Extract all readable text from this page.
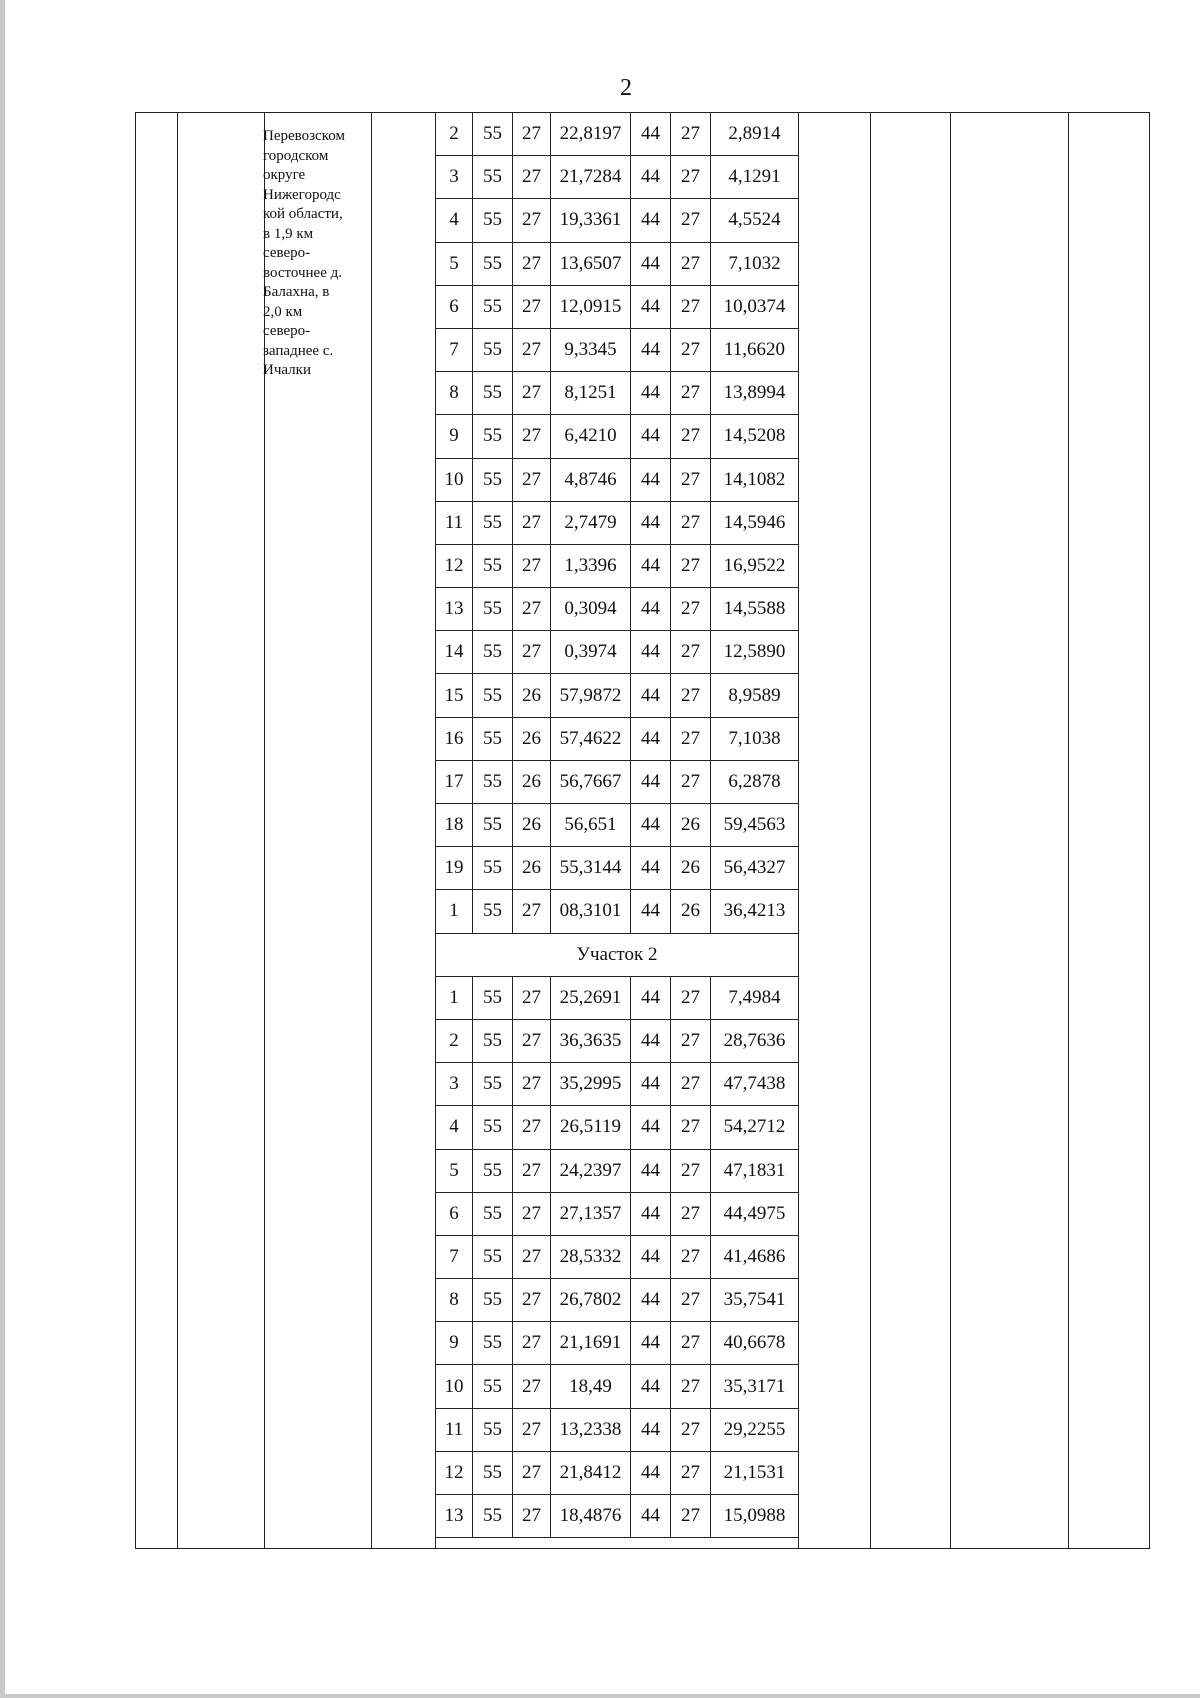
2
Перевозском
городском
округе
Нижегородс
кой области,
в 1,9 км
северо-
восточнее д.
Балахна, в
2,0 км
северо-
западнее с.
Ичалки
2	55	27	22,8197	44	27	2,8914
3	55	27	21,7284	44	27	4,1291
4	55	27	19,3361	44	27	4,5524
5	55	27	13,6507	44	27	7,1032
6	55	27	12,0915	44	27	10,0374
7	55	27	9,3345	44	27	11,6620
8	55	27	8,1251	44	27	13,8994
9	55	27	6,4210	44	27	14,5208
10	55	27	4,8746	44	27	14,1082
11	55	27	2,7479	44	27	14,5946
12	55	27	1,3396	44	27	16,9522
13	55	27	0,3094	44	27	14,5588
14	55	27	0,3974	44	27	12,5890
15	55	26	57,9872	44	27	8,9589
16	55	26	57,4622	44	27	7,1038
17	55	26	56,7667	44	27	6,2878
18	55	26	56,651	44	26	59,4563
19	55	26	55,3144	44	26	56,4327
1	55	27	08,3101	44	26	36,4213
Участок 2						
1	55	27	25,2691	44	27	7,4984
2	55	27	36,3635	44	27	28,7636
3	55	27	35,2995	44	27	47,7438
4	55	27	26,5119	44	27	54,2712
5	55	27	24,2397	44	27	47,1831
6	55	27	27,1357	44	27	44,4975
7	55	27	28,5332	44	27	41,4686
8	55	27	26,7802	44	27	35,7541
9	55	27	21,1691	44	27	40,6678
10	55	27	18,49	44	27	35,3171
11	55	27	13,2338	44	27	29,2255
12	55	27	21,8412	44	27	21,1531
13	55	27	18,4876	44	27	15,0988
